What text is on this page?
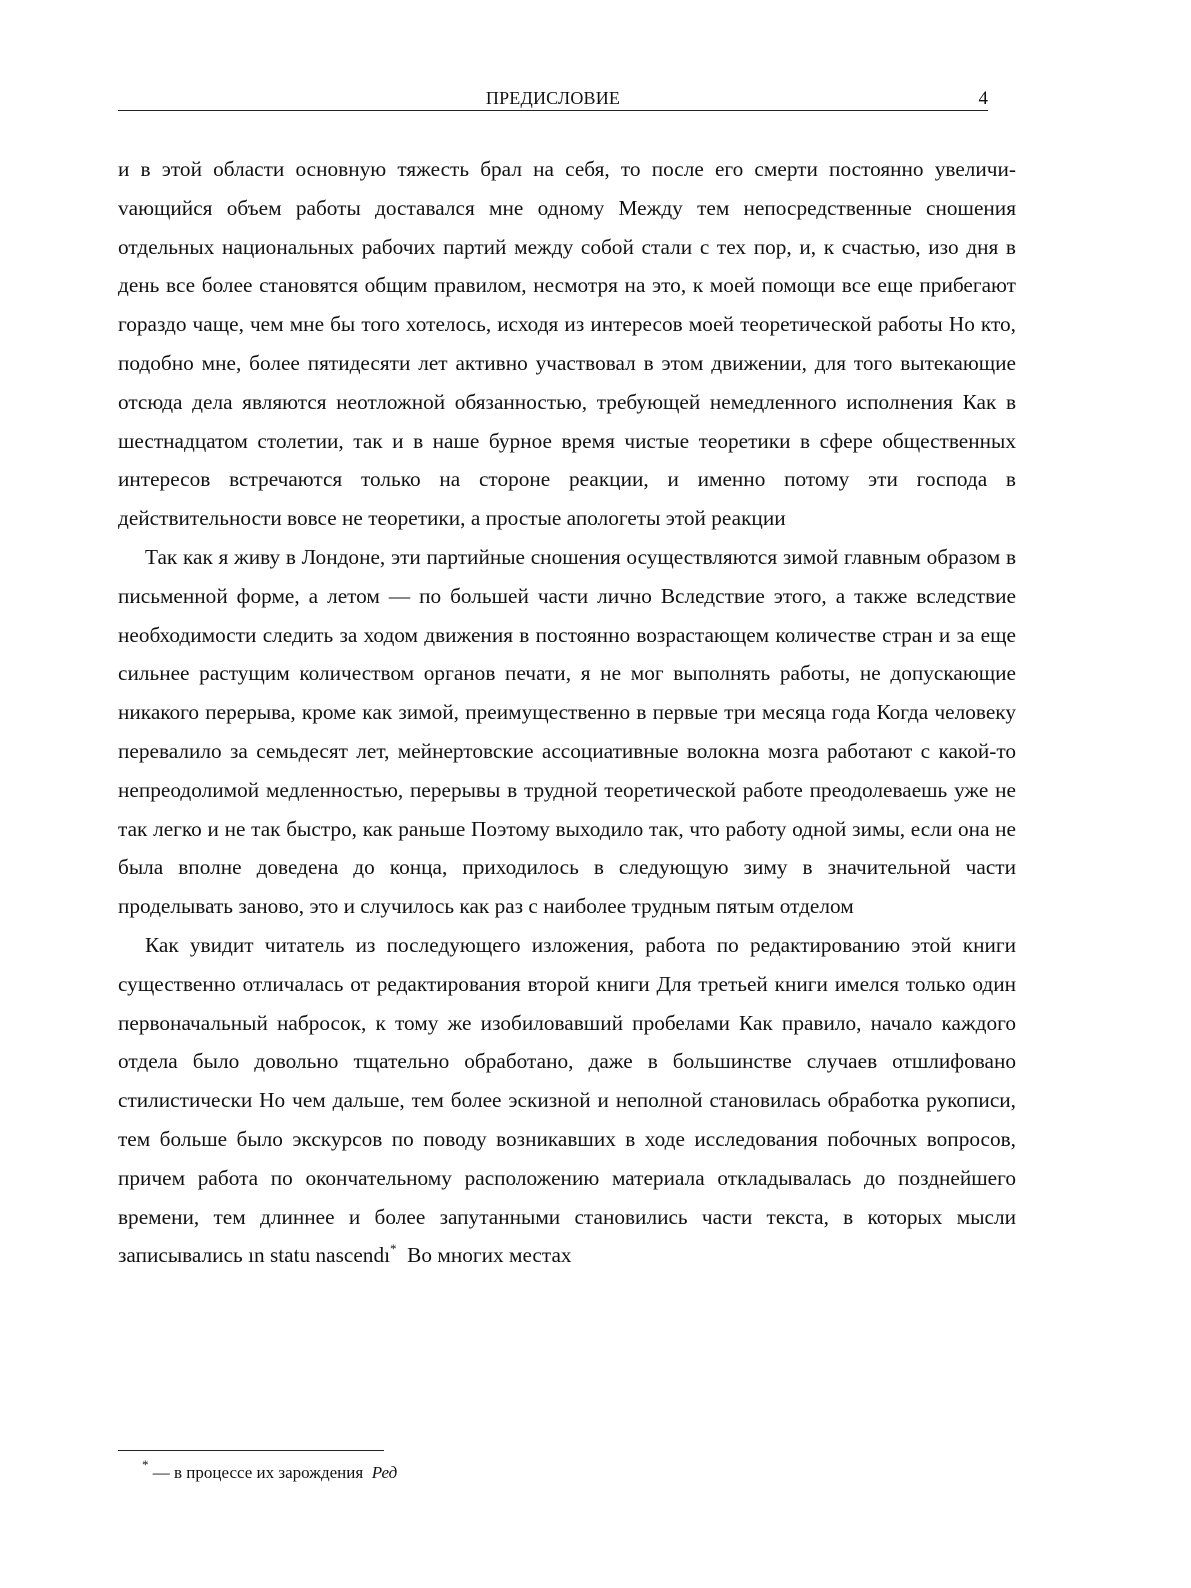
ПРЕДИСЛОВИЕ	4

и в этой области основную тяжесть брал на себя, то после его смерти постоянно увеличиvающийся объем работы доставался мне одному Между тем непосредственные сношения отдельных национальных рабочих партий между собой стали с тех пор, и, к счастью, изо дня в день все более становятся общим правилом, несмотря на это, к моей помощи все еще прибегают гораздо чаще, чем мне бы того хотелось, исходя из интересов моей теоретической работы Но кто, подобно мне, более пятидесяти лет активно участвовал в этом движении, для того вытекающие отсюда дела являются неотложной обязанностью, требующей немедленного исполнения Как в шестнадцатом столетии, так и в наше бурное время чистые теоретики в сфере общественных интересов встречаются только на стороне реакции, и именно потому эти господа в действительности вовсе не теоретики, а простые апологеты этой реакции

Так как я живу в Лондоне, эти партийные сношения осуществляются зимой главным образом в письменной форме, а летом — по большей части лично Вследствие этого, а также вследствие необходимости следить за ходом движения в постоянно возрастающем количестве стран и за еще сильнее растущим количеством органов печати, я не мог выполнять работы, не допускающие никакого перерыва, кроме как зимой, преимущественно в первые три месяца года Когда человеку перевалило за семьдесят лет, мейнертовские ассоциативные волокна мозга работают с какой-то непреодолимой медленностью, перерывы в трудной теоретической работе преодолеваешь уже не так легко и не так быстро, как раньше Поэтому выходило так, что работу одной зимы, если она не была вполне доведена до конца, приходилось в следующую зиму в значительной части проделывать заново, это и случилось как раз с наиболее трудным пятым отделом

Как увидит читатель из последующего изложения, работа по редактированию этой книги существенно отличалась от редактирования второй книги Для третьей книги имелся только один первоначальный набросок, к тому же изобиловавший пробелами Как правило, начало каждого отдела было довольно тщательно обработано, даже в большинстве случаев отшлифовано стилистически Но чем дальше, тем более эскизной и неполной становилась обработка рукописи, тем больше было экскурсов по поводу возникавших в ходе исследования побочных вопросов, причем работа по окончательному расположению материала откладывалась до позднейшего времени, тем длиннее и более запутанными становились части текста, в которых мысли записывались ın statu nascendı*  Во многих местах

* — в процессе их зарождения  Ред
